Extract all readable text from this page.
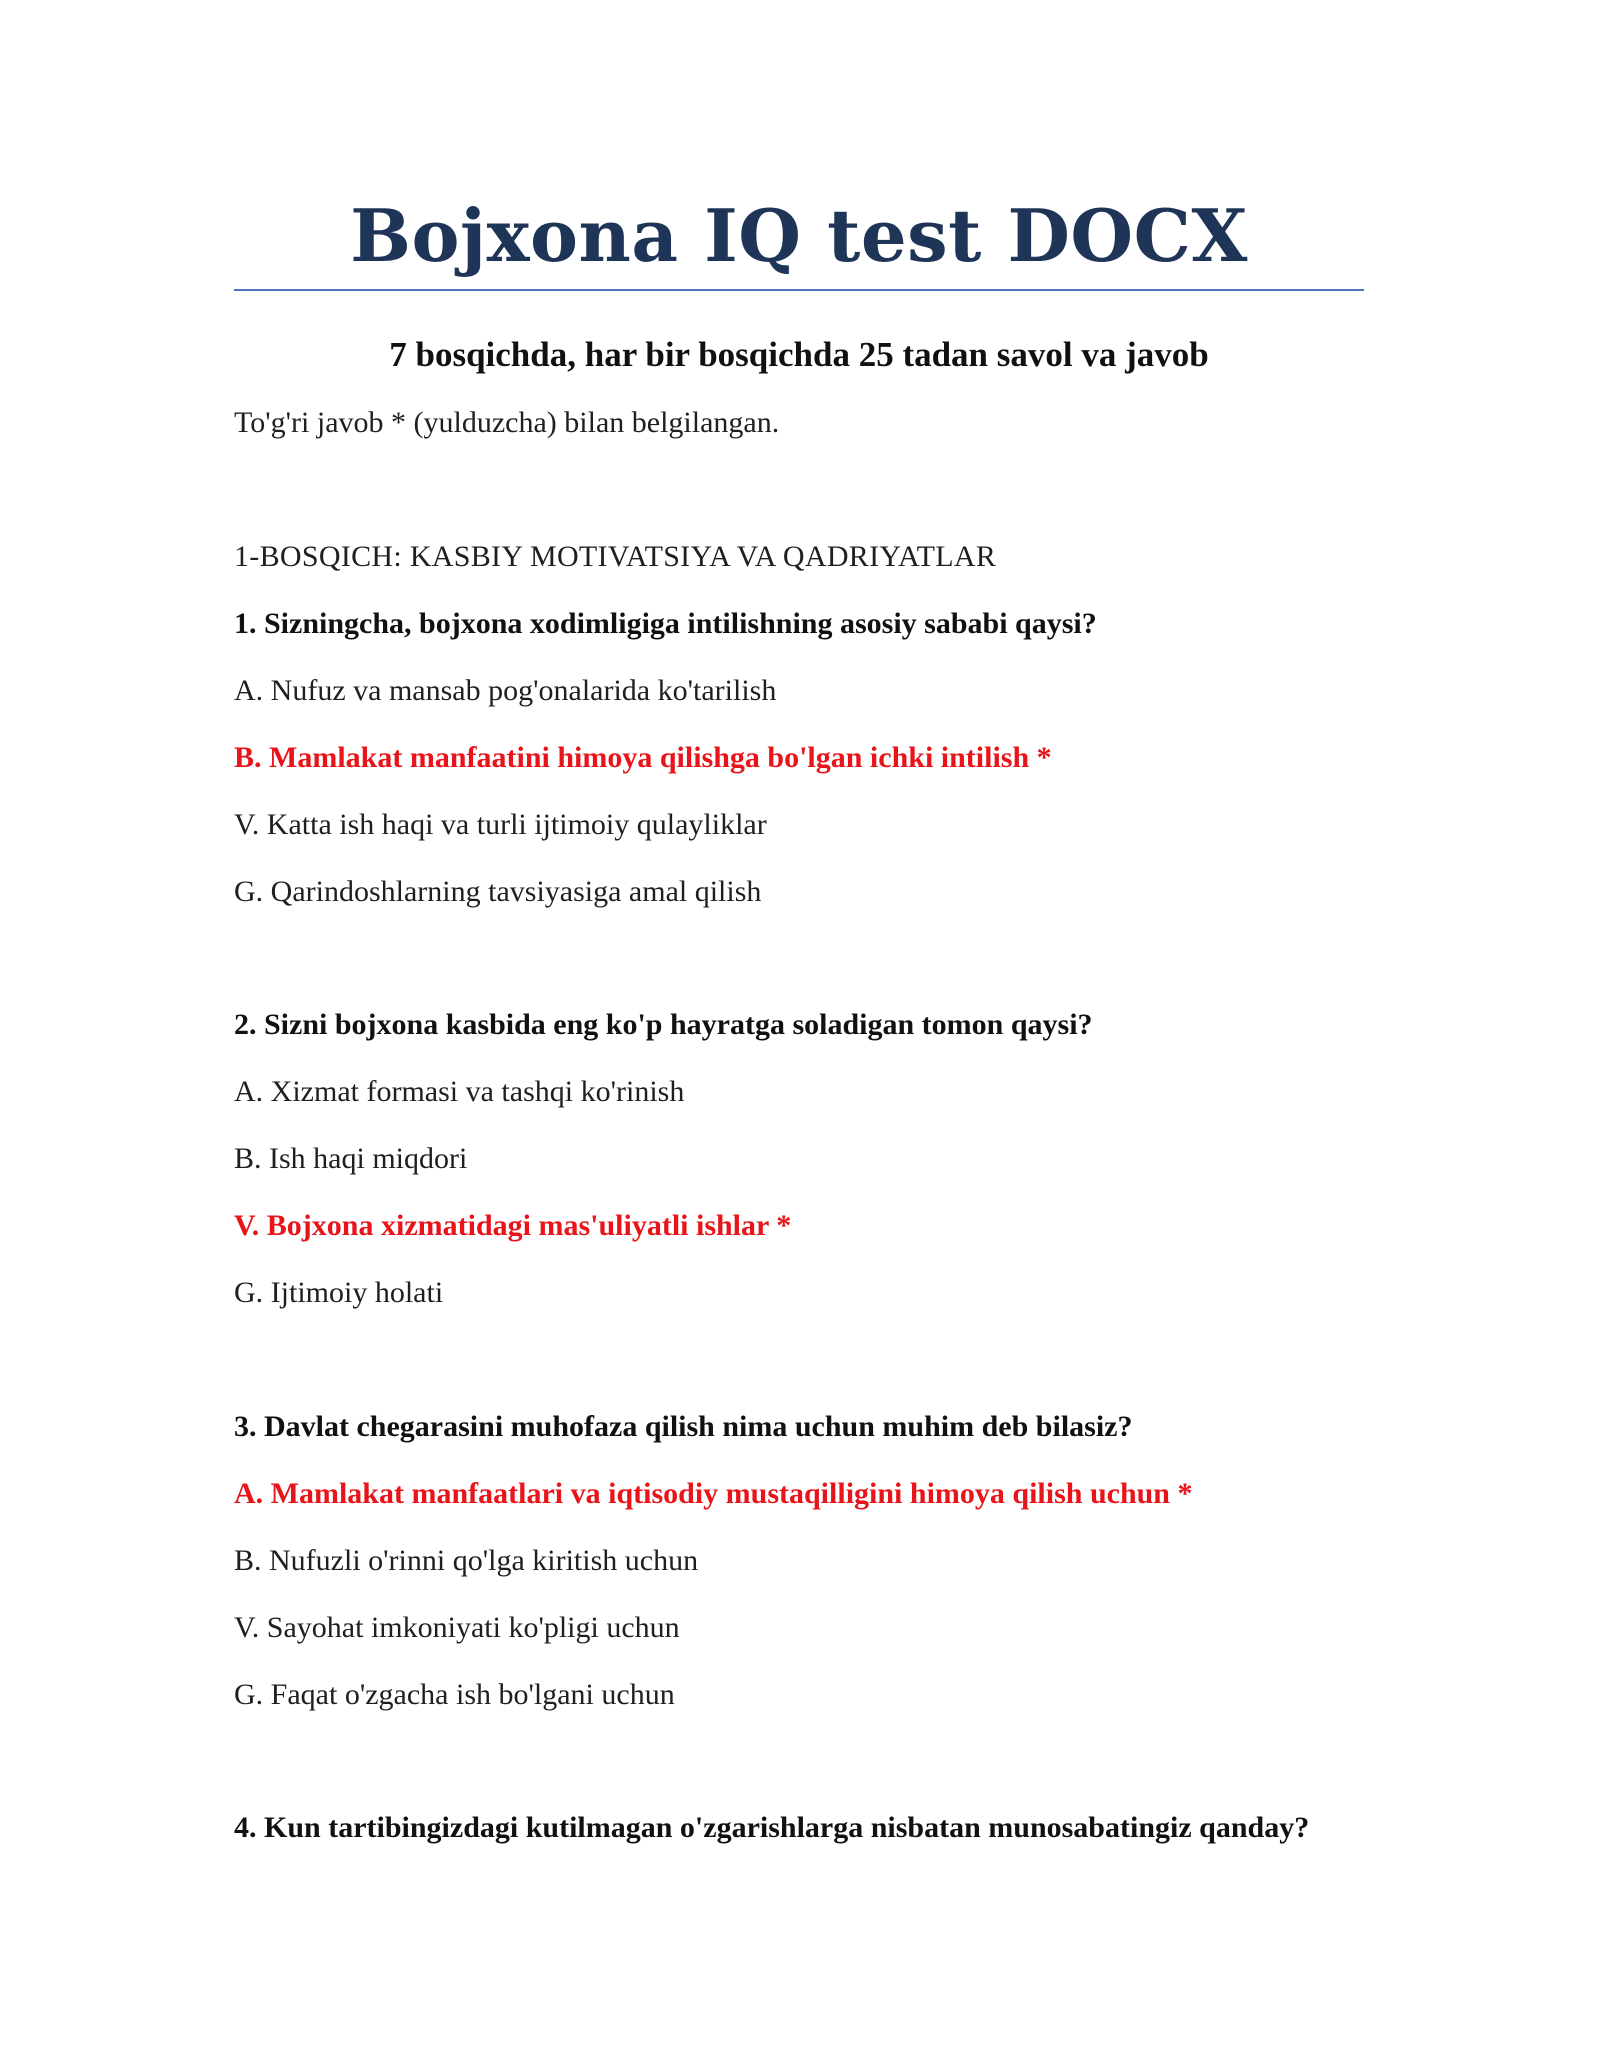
Bojxona IQ test DOCX
7 bosqichda, har bir bosqichda 25 tadan savol va javob
To'g'ri javob * (yulduzcha) bilan belgilangan.
1-BOSQICH: KASBIY MOTIVATSIYA VA QADRIYATLAR
1. Sizningcha, bojxona xodimligiga intilishning asosiy sababi qaysi?
A. Nufuz va mansab pog'onalarida ko'tarilish
B. Mamlakat manfaatini himoya qilishga bo'lgan ichki intilish *
V. Katta ish haqi va turli ijtimoiy qulayliklar
G. Qarindoshlarning tavsiyasiga amal qilish
2. Sizni bojxona kasbida eng ko'p hayratga soladigan tomon qaysi?
A. Xizmat formasi va tashqi ko'rinish
B. Ish haqi miqdori
V. Bojxona xizmatidagi mas'uliyatli ishlar *
G. Ijtimoiy holati
3. Davlat chegarasini muhofaza qilish nima uchun muhim deb bilasiz?
A. Mamlakat manfaatlari va iqtisodiy mustaqilligini himoya qilish uchun *
B. Nufuzli o'rinni qo'lga kiritish uchun
V. Sayohat imkoniyati ko'pligi uchun
G. Faqat o'zgacha ish bo'lgani uchun
4. Kun tartibingizdagi kutilmagan o'zgarishlarga nisbatan munosabatingiz qanday?
